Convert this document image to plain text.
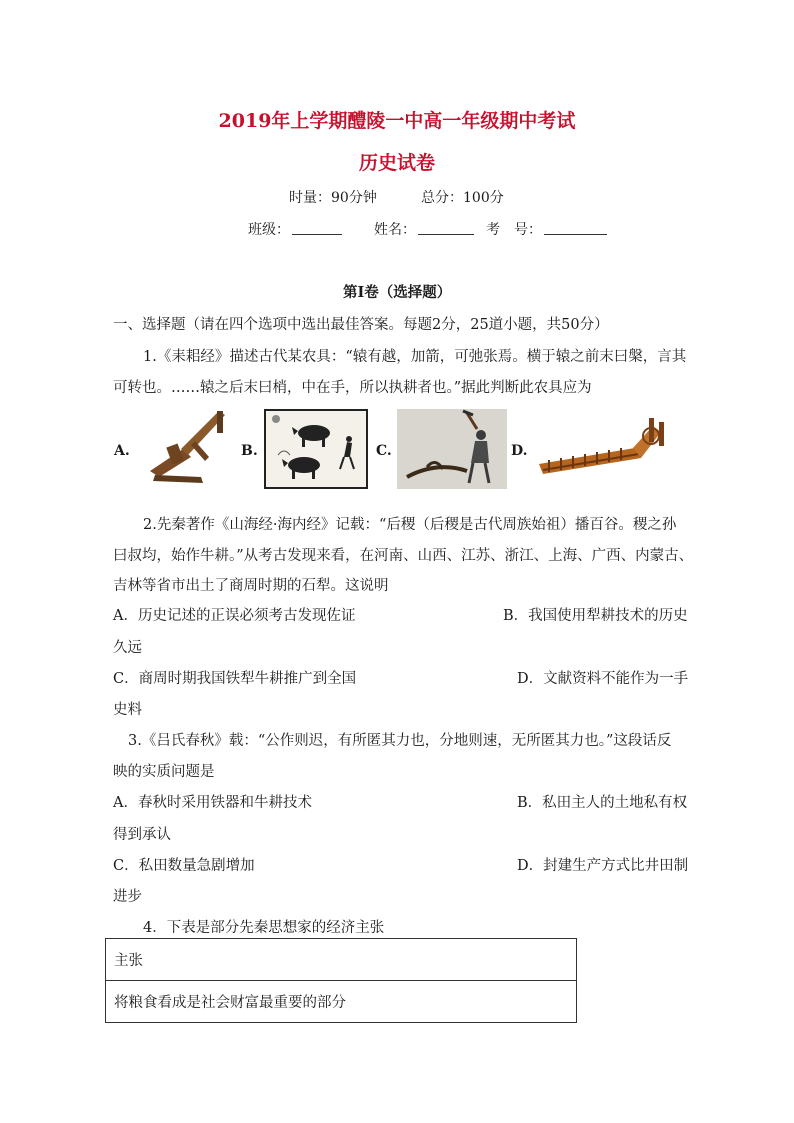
2019年上学期醴陵一中高一年级期中考试
历史试卷
时量：90分钟	总分：100分
班级：	姓名：	考　号：
第Ⅰ卷（选择题）
一、选择题（请在四个选项中选出最佳答案。每题2分，25道小题，共50分）
1.《耒耜经》描述古代某农具：“辕有越，加箭，可弛张焉。横于辕之前末曰槃，言其
可转也。……辕之后末曰梢，中在手，所以执耕者也。”据此判断此农具应为
A.	B.	C.	D.
2.先秦著作《山海经·海内经》记载：“后稷（后稷是古代周族始祖）播百谷。稷之孙
曰叔均，始作牛耕。”从考古发现来看，在河南、山西、江苏、浙江、上海、广西、内蒙古、
吉林等省市出土了商周时期的石犁。这说明
A．历史记述的正误必须考古发现佐证	B．我国使用犁耕技术的历史
久远
C．商周时期我国铁犁牛耕推广到全国	D．文献资料不能作为一手
史料
3.《吕氏春秋》载：“公作则迟，有所匿其力也，分地则速，无所匿其力也。”这段话反
映的实质问题是
A．春秋时采用铁器和牛耕技术	B．私田主人的土地私有权
得到承认
C．私田数量急剧增加	D．封建生产方式比井田制
进步
4．下表是部分先秦思想家的经济主张
主张
将粮食看成是社会财富最重要的部分
